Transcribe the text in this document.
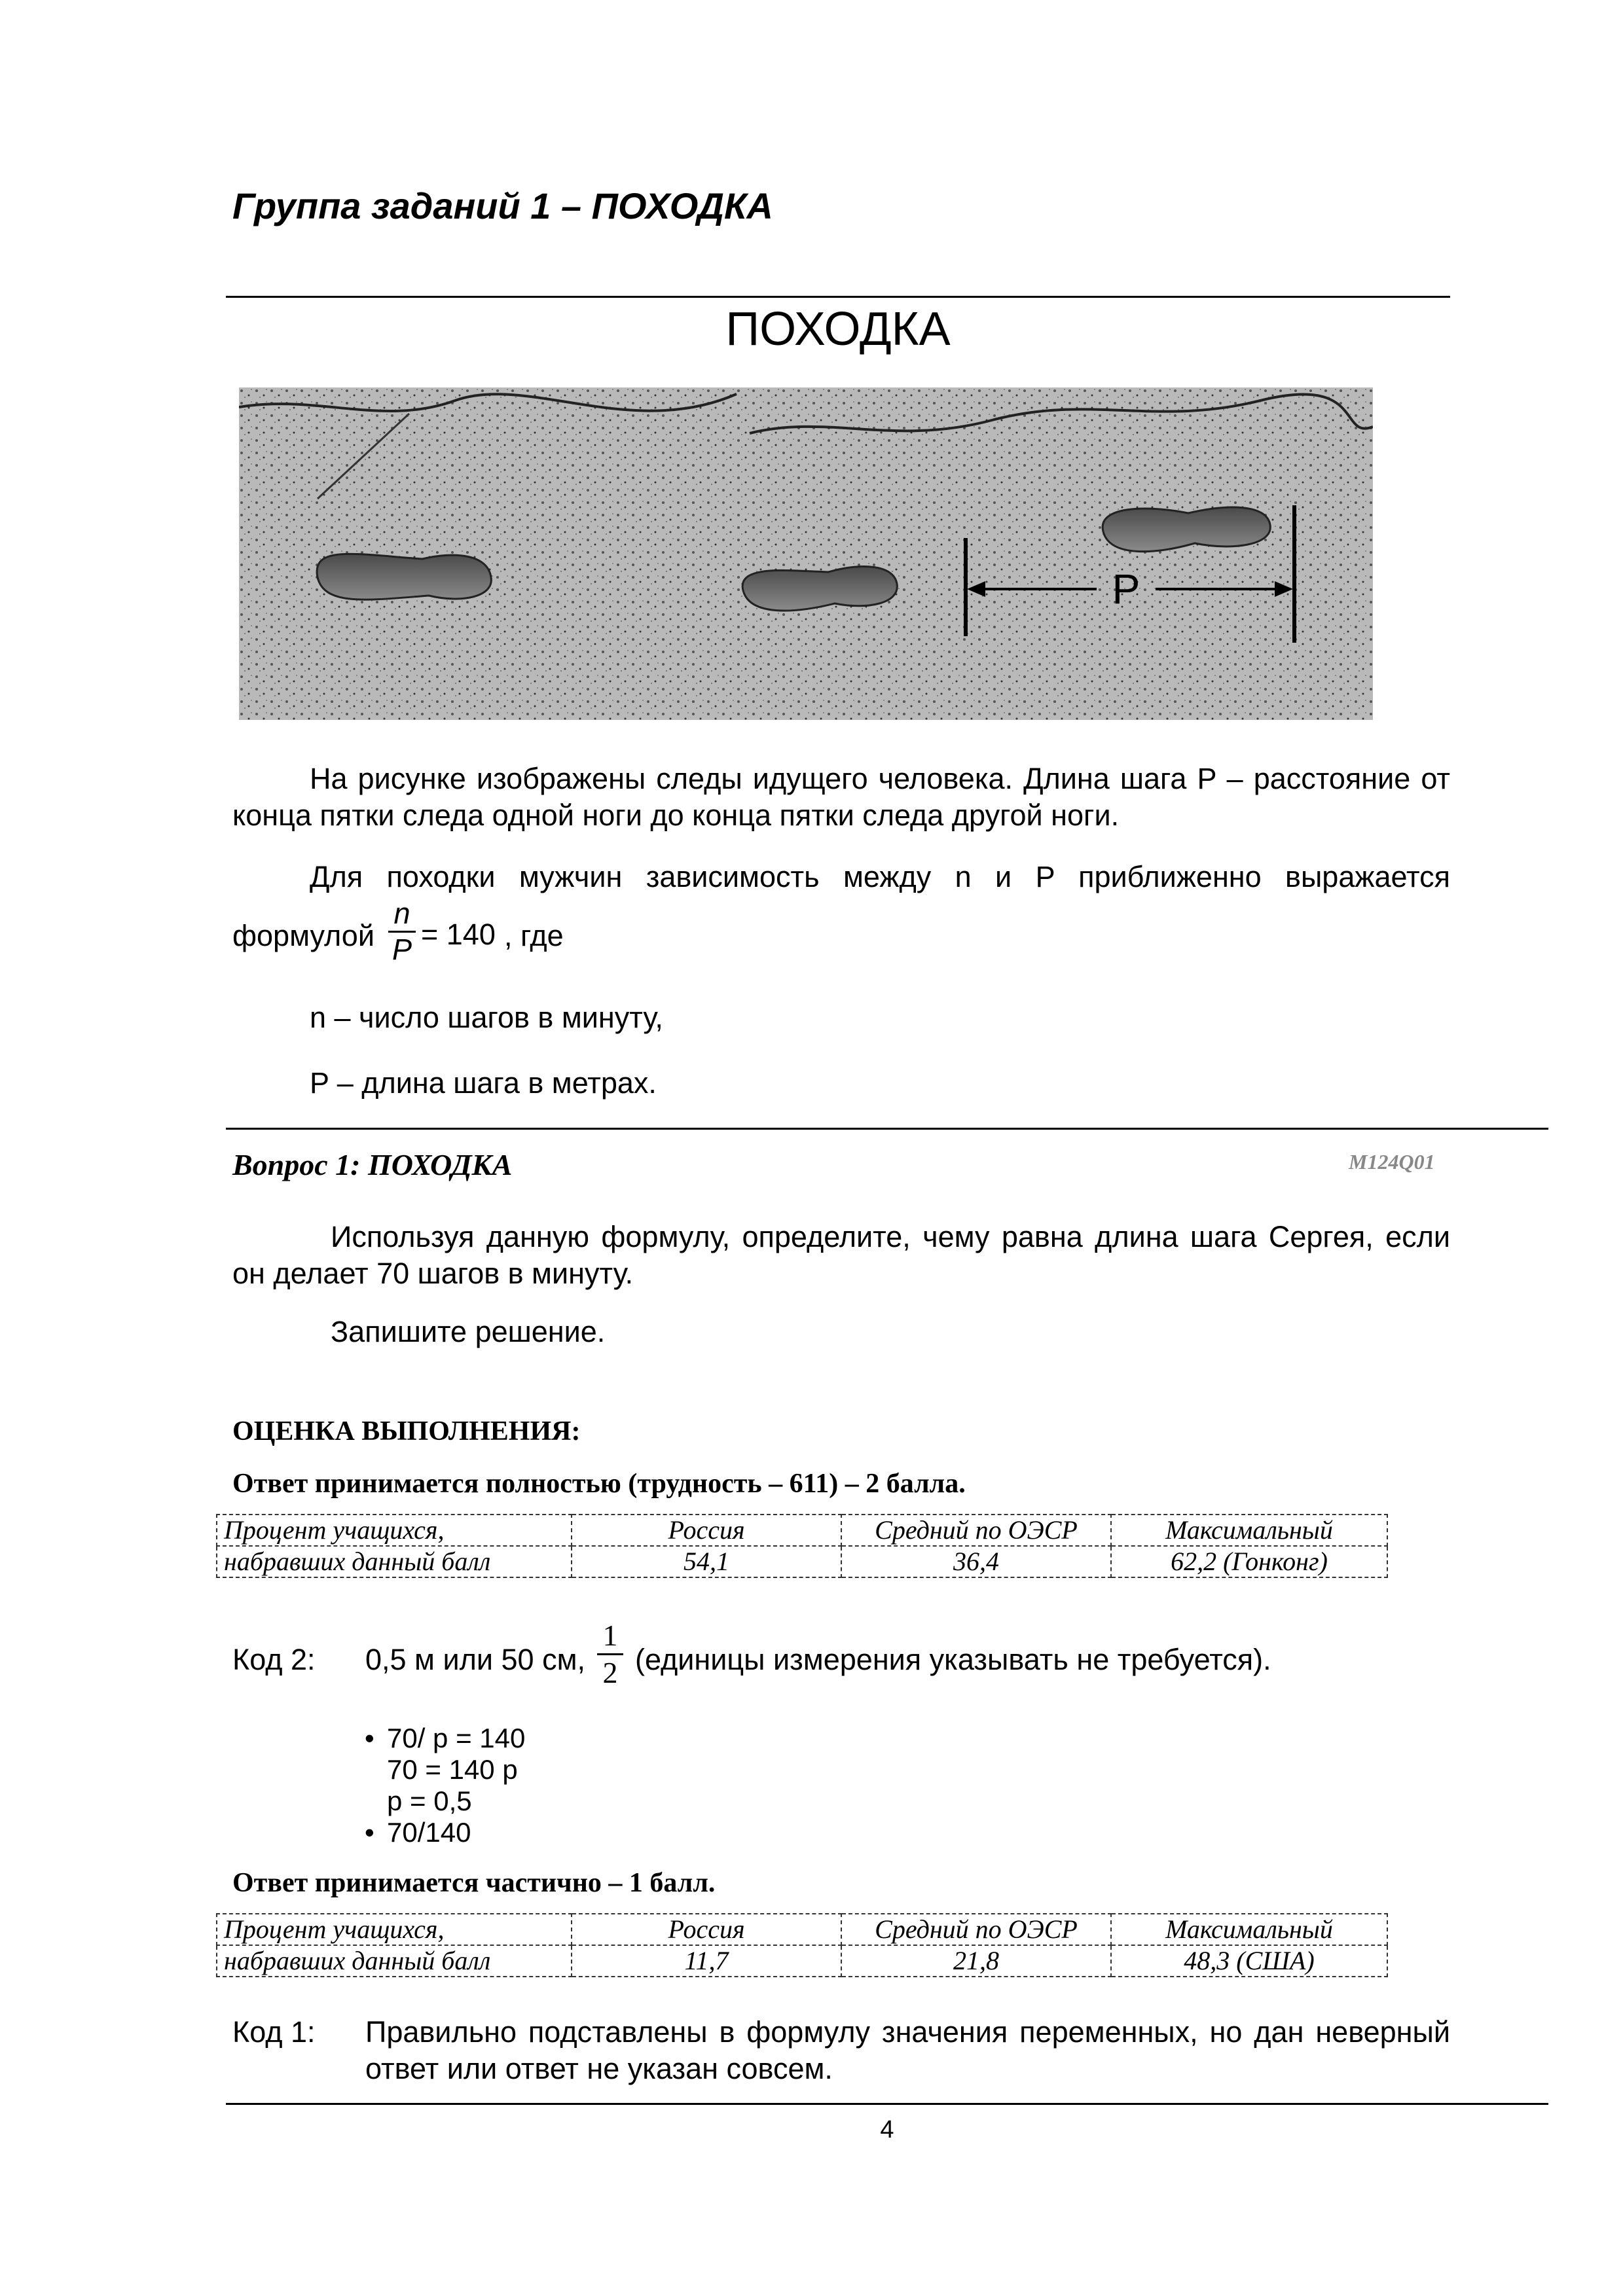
Группа заданий 1 – ПОХОДКА
ПОХОДКА
P
На рисунке изображены следы идущего человека. Длина шага P – расстояние от конца пятки следа одной ноги до конца пятки следа другой ноги.
Для походки мужчин зависимость между n и P приближенно выражается
формулой
n
P = 140 , где
n – число шагов в минуту,
P – длина шага в метрах.
Вопрос 1: ПОХОДКА	M124Q01
Используя данную формулу, определите, чему равна длина шага Сергея, если он делает 70 шагов в минуту.
Запишите решение.
ОЦЕНКА ВЫПОЛНЕНИЯ:
Ответ принимается полностью (трудность – 611) – 2 балла.
Процент учащихся,	Россия	Средний по ОЭСР	Максимальный
набравших данный балл	54,1	36,4	62,2 (Гонконг)
Код 2: 0,5 м или 50 см,
1
2 (единицы измерения указывать не требуется).
• 70/ p = 140
70 = 140 p
p = 0,5
• 70/140
Ответ принимается частично – 1 балл.
Процент учащихся,	Россия	Средний по ОЭСР	Максимальный
набравших данный балл	11,7	21,8	48,3 (США)
Код 1: Правильно подставлены в формулу значения переменных, но дан неверный ответ или ответ не указан совсем.
4
